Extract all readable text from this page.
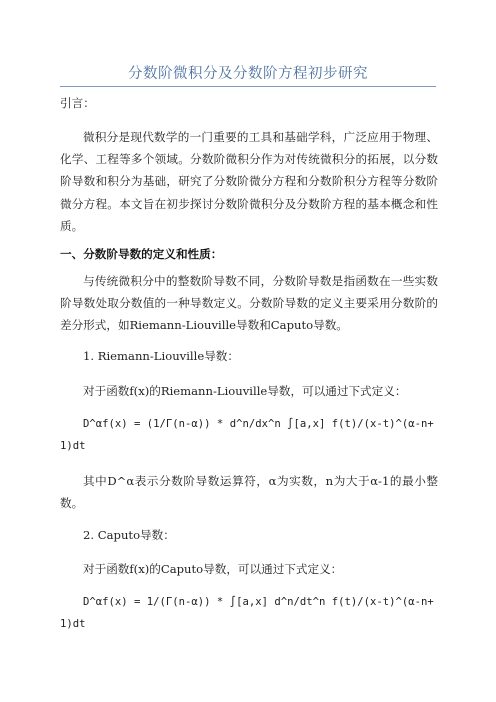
分数阶微积分及分数阶方程初步研究
引言：
微积分是现代数学的一门重要的工具和基础学科，广泛应用于物理、化学、工程等多个领域。分数阶微积分作为对传统微积分的拓展，以分数阶导数和积分为基础，研究了分数阶微分方程和分数阶积分方程等分数阶微分方程。本文旨在初步探讨分数阶微积分及分数阶方程的基本概念和性质。
一、分数阶导数的定义和性质：
与传统微积分中的整数阶导数不同，分数阶导数是指函数在一些实数阶导数处取分数值的一种导数定义。分数阶导数的定义主要采用分数阶的差分形式，如Riemann-Liouville导数和Caputo导数。
1. Riemann-Liouville导数：
对于函数f(x)的Riemann-Liouville导数，可以通过下式定义：
D^αf(x) = (1/Γ(n-α)) * d^n/dx^n ∫[a,x] f(t)/(x-t)^(α-n+1)dt
其中D^α表示分数阶导数运算符，α为实数，n为大于α-1的最小整数。
2. Caputo导数：
对于函数f(x)的Caputo导数，可以通过下式定义：
D^αf(x) = 1/(Γ(n-α)) * ∫[a,x] d^n/dt^n f(t)/(x-t)^(α-n+1)dt
